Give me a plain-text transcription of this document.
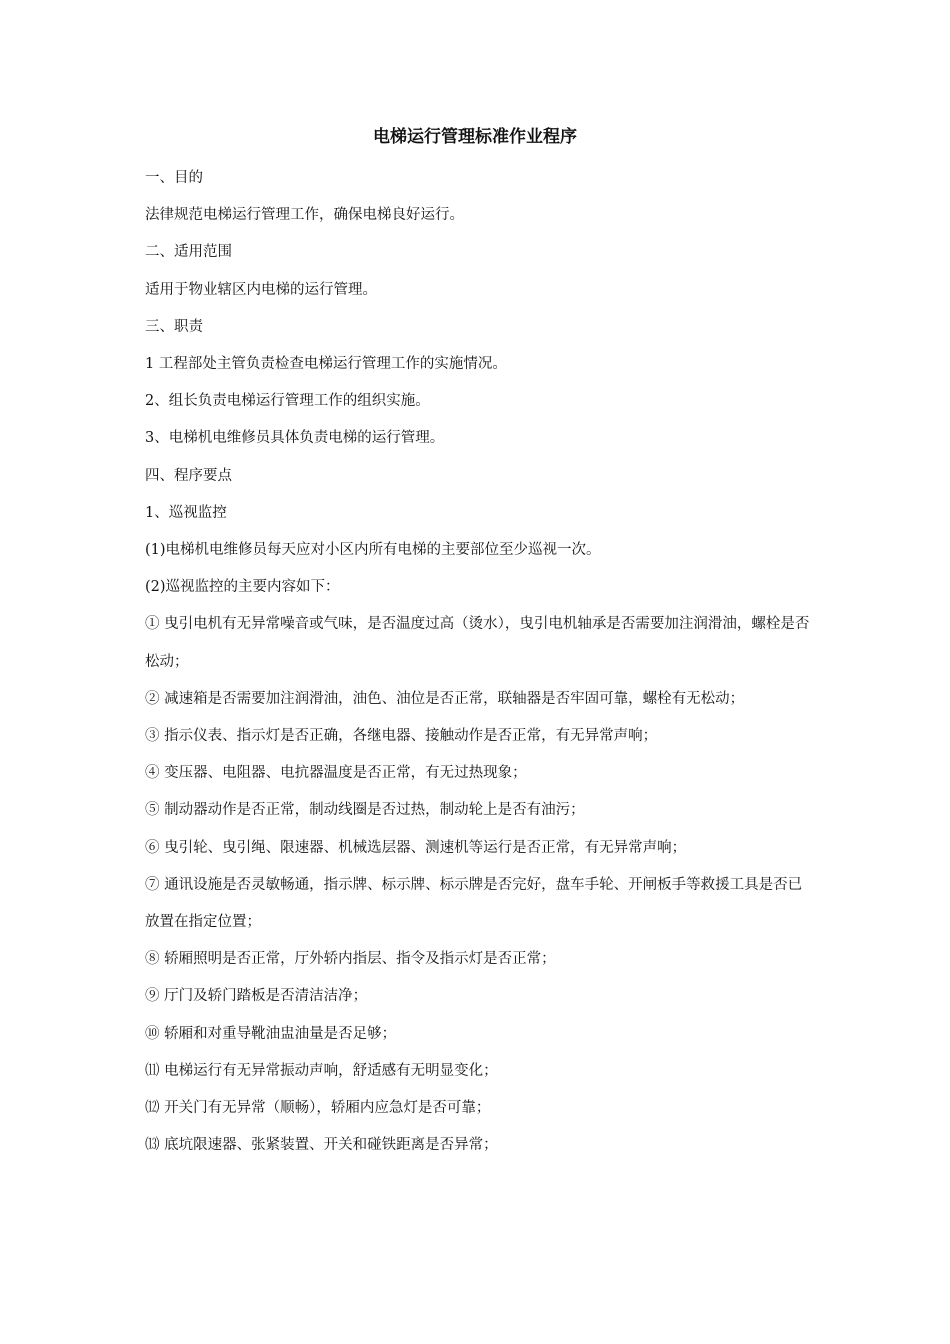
电梯运行管理标准作业程序

一、目的

法律规范电梯运行管理工作，确保电梯良好运行。

二、适用范围

适用于物业辖区内电梯的运行管理。

三、职责

1 工程部处主管负责检查电梯运行管理工作的实施情况。

2、组长负责电梯运行管理工作的组织实施。

3、电梯机电维修员具体负责电梯的运行管理。

四、程序要点

1、巡视监控

(1)电梯机电维修员每天应对小区内所有电梯的主要部位至少巡视一次。

(2)巡视监控的主要内容如下：

① 曳引电机有无异常噪音或气味，是否温度过高（烫水），曳引电机轴承是否需要加注润滑油，螺栓是否松动；

② 减速箱是否需要加注润滑油，油色、油位是否正常，联轴器是否牢固可靠，螺栓有无松动；

③ 指示仪表、指示灯是否正确，各继电器、接触动作是否正常，有无异常声响；

④ 变压器、电阻器、电抗器温度是否正常，有无过热现象；

⑤ 制动器动作是否正常，制动线圈是否过热，制动轮上是否有油污；

⑥ 曳引轮、曳引绳、限速器、机械选层器、测速机等运行是否正常，有无异常声响；

⑦ 通讯设施是否灵敏畅通，指示牌、标示牌、标示牌是否完好，盘车手轮、开闸板手等救援工具是否已放置在指定位置；

⑧ 轿厢照明是否正常，厅外轿内指层、指令及指示灯是否正常；

⑨ 厅门及轿门踏板是否清洁洁净；

⑩ 轿厢和对重导靴油盅油量是否足够；

⑾ 电梯运行有无异常振动声响，舒适感有无明显变化；

⑿ 开关门有无异常（顺畅），轿厢内应急灯是否可靠；

⒀ 底坑限速器、张紧装置、开关和碰铁距离是否异常；
